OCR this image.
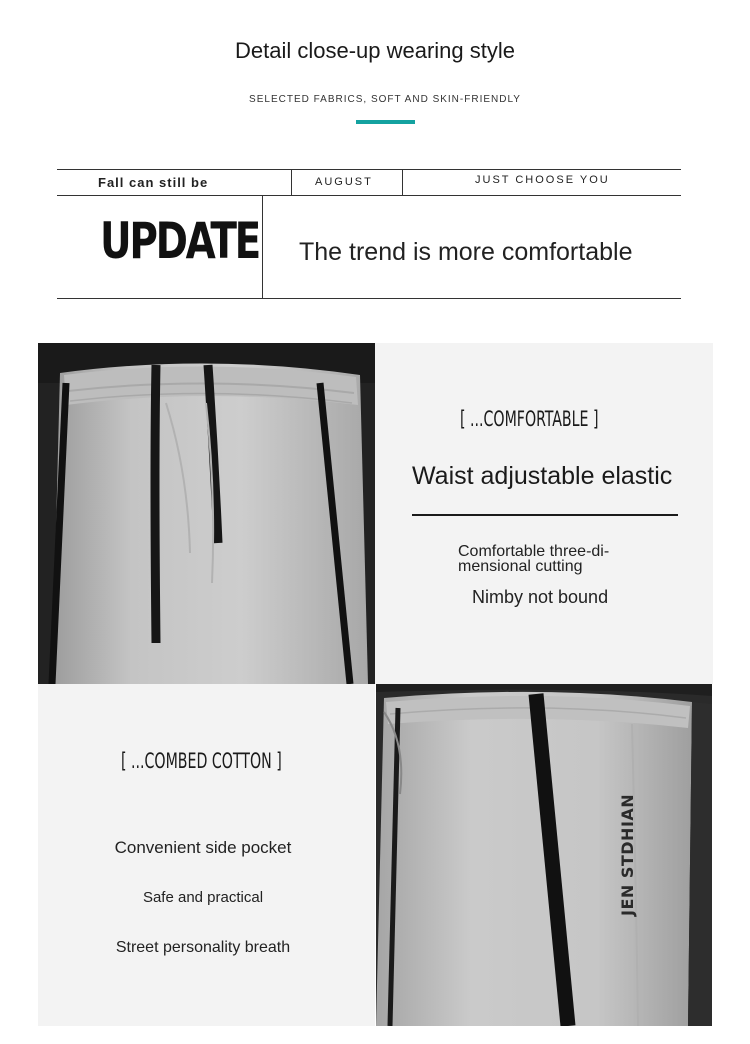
Detail close-up wearing style
SELECTED FABRICS, SOFT AND SKIN-FRIENDLY
Fall can still be	AUGUST	JUST CHOOSE YOU
UPDATE The trend is more comfortable
[ ...COMFORTABLE ]
Waist adjustable elastic
Comfortable three-di-mensional cutting
Nimby not bound
[ ...COMBED COTTON ]
Convenient side pocket
Safe and practical
Street personality breath
JEN STDHIAN
